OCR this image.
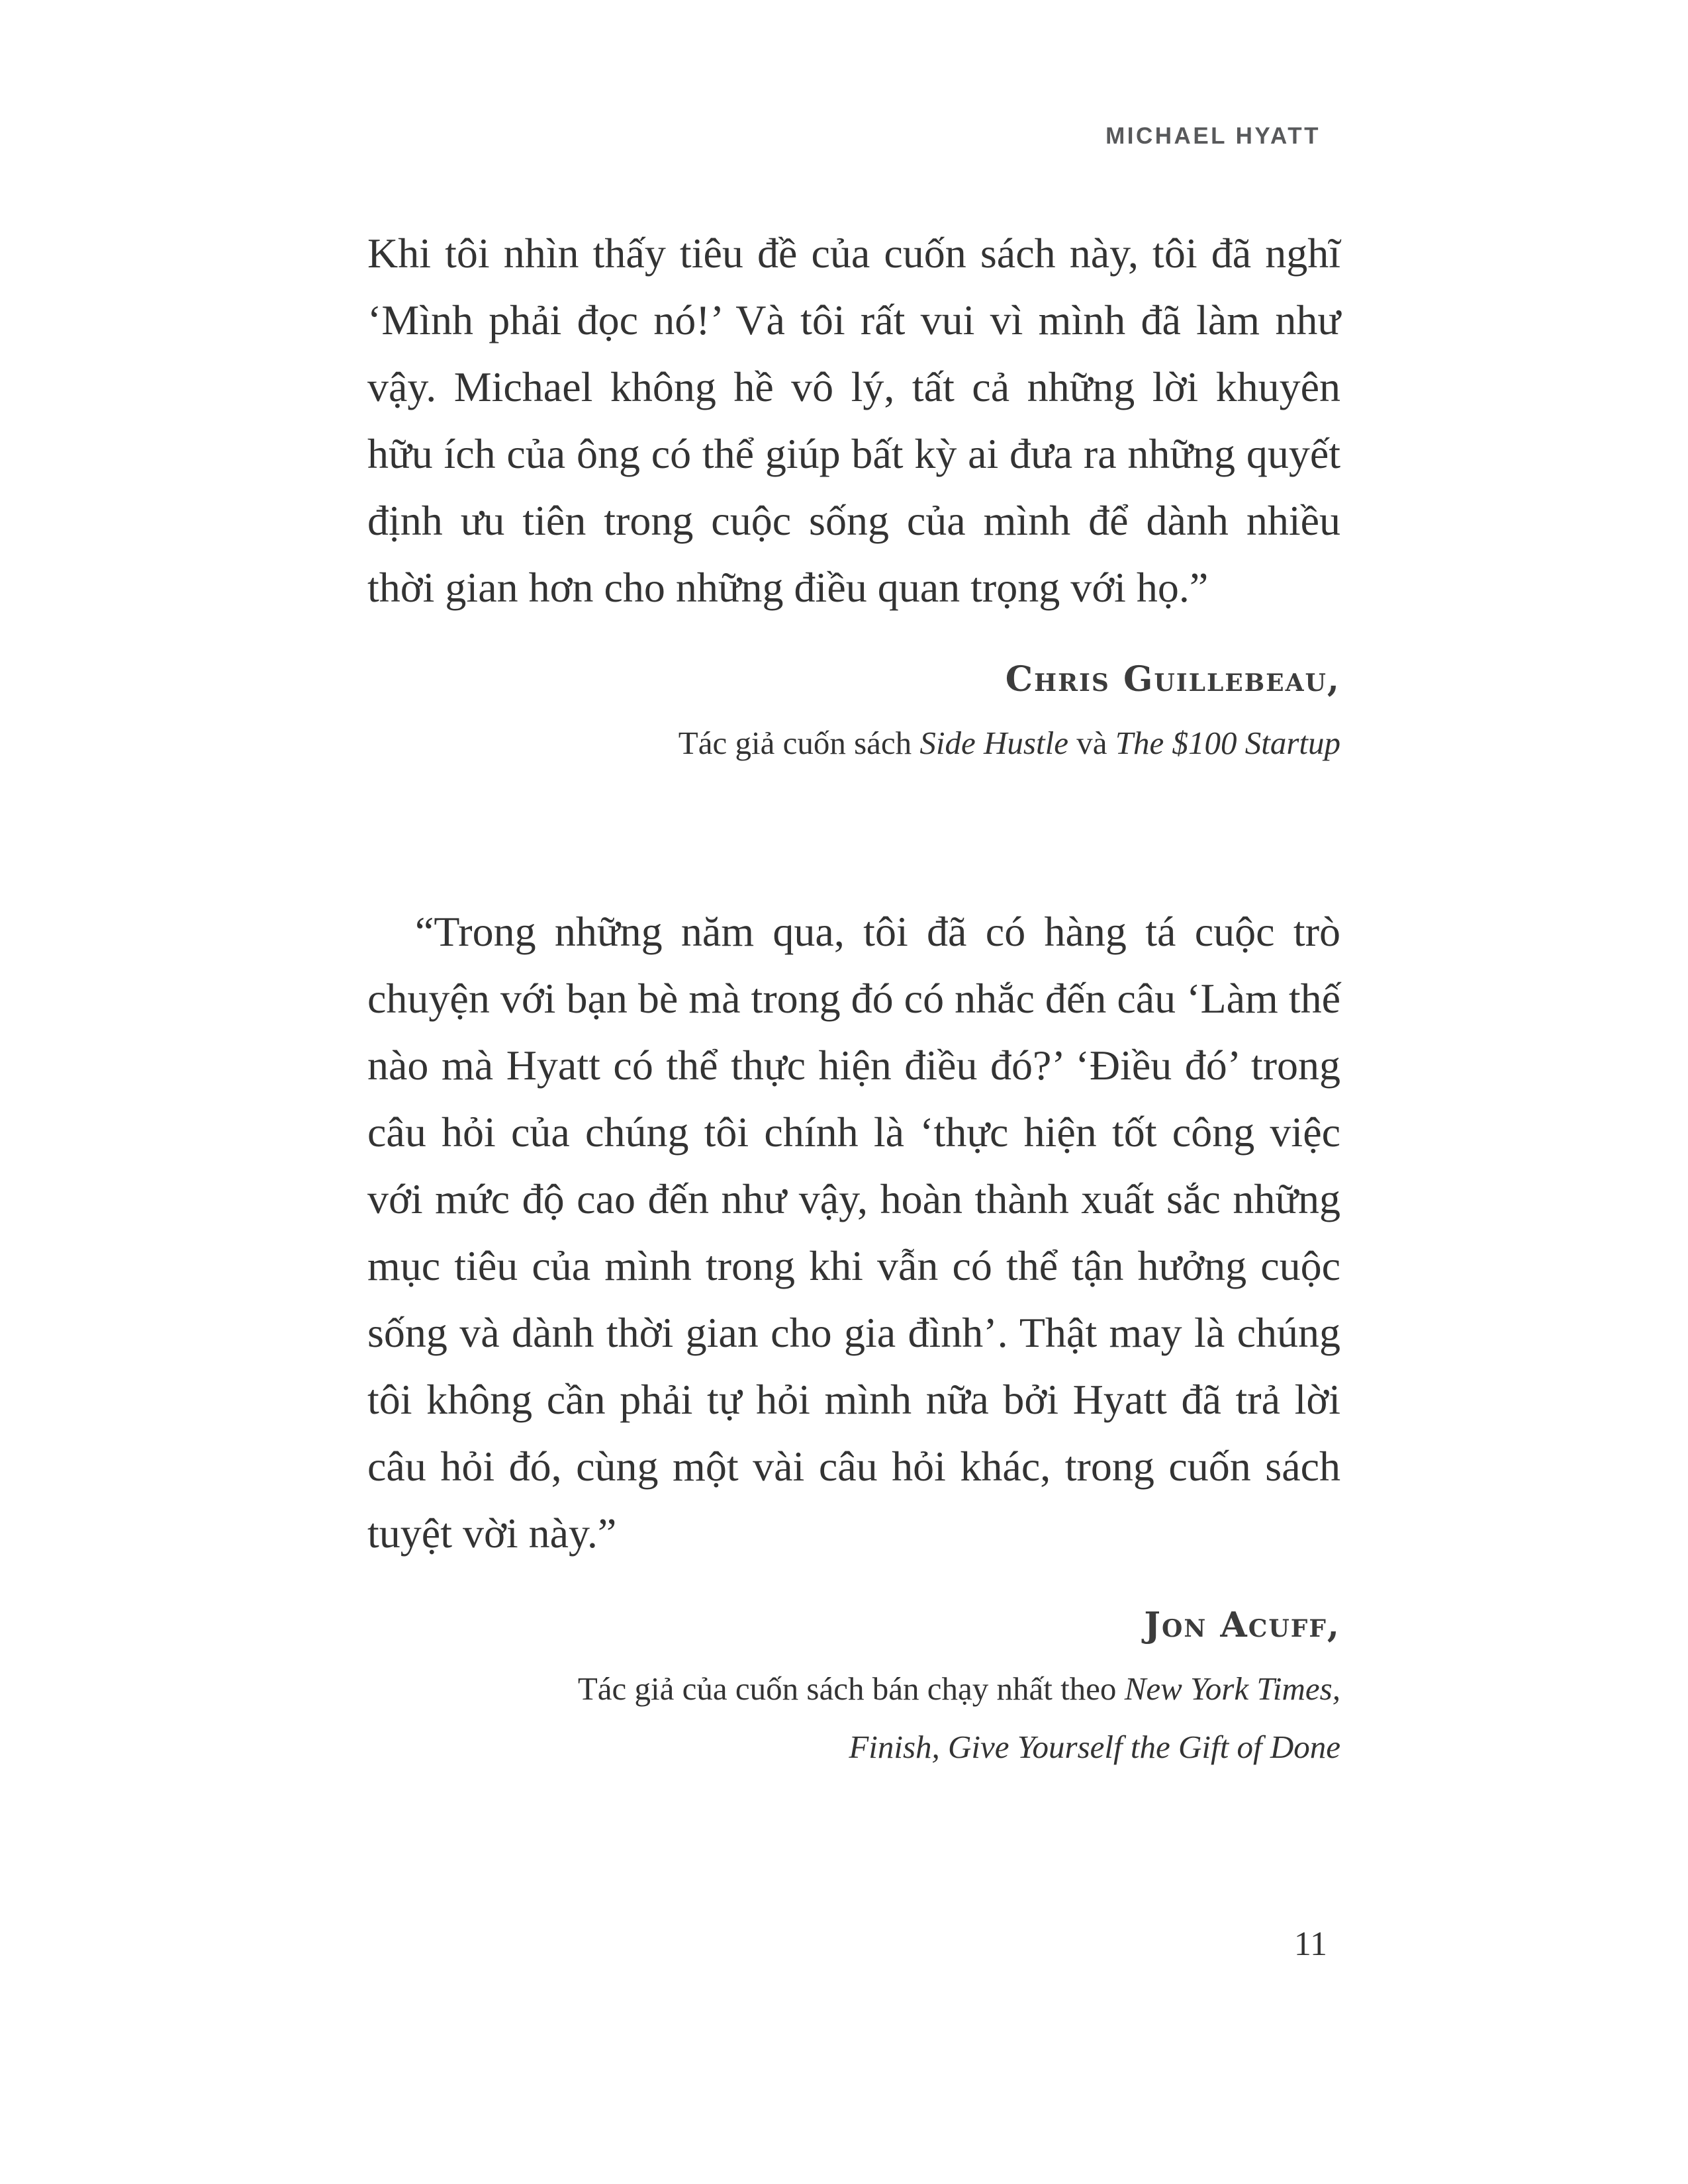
MICHAEL HYATT

Khi tôi nhìn thấy tiêu đề của cuốn sách này, tôi đã nghĩ ‘Mình phải đọc nó!’ Và tôi rất vui vì mình đã làm như vậy. Michael không hề vô lý, tất cả những lời khuyên hữu ích của ông có thể giúp bất kỳ ai đưa ra những quyết định ưu tiên trong cuộc sống của mình để dành nhiều thời gian hơn cho những điều quan trọng với họ.”

Chris Guillebeau,

Tác giả cuốn sách Side Hustle và The $100 Startup

“Trong những năm qua, tôi đã có hàng tá cuộc trò chuyện với bạn bè mà trong đó có nhắc đến câu ‘Làm thế nào mà Hyatt có thể thực hiện điều đó?’ ‘Điều đó’ trong câu hỏi của chúng tôi chính là ‘thực hiện tốt công việc với mức độ cao đến như vậy, hoàn thành xuất sắc những mục tiêu của mình trong khi vẫn có thể tận hưởng cuộc sống và dành thời gian cho gia đình’. Thật may là chúng tôi không cần phải tự hỏi mình nữa bởi Hyatt đã trả lời câu hỏi đó, cùng một vài câu hỏi khác, trong cuốn sách tuyệt vời này.”

Jon Acuff,

Tác giả của cuốn sách bán chạy nhất theo New York Times,
Finish, Give Yourself the Gift of Done

11
